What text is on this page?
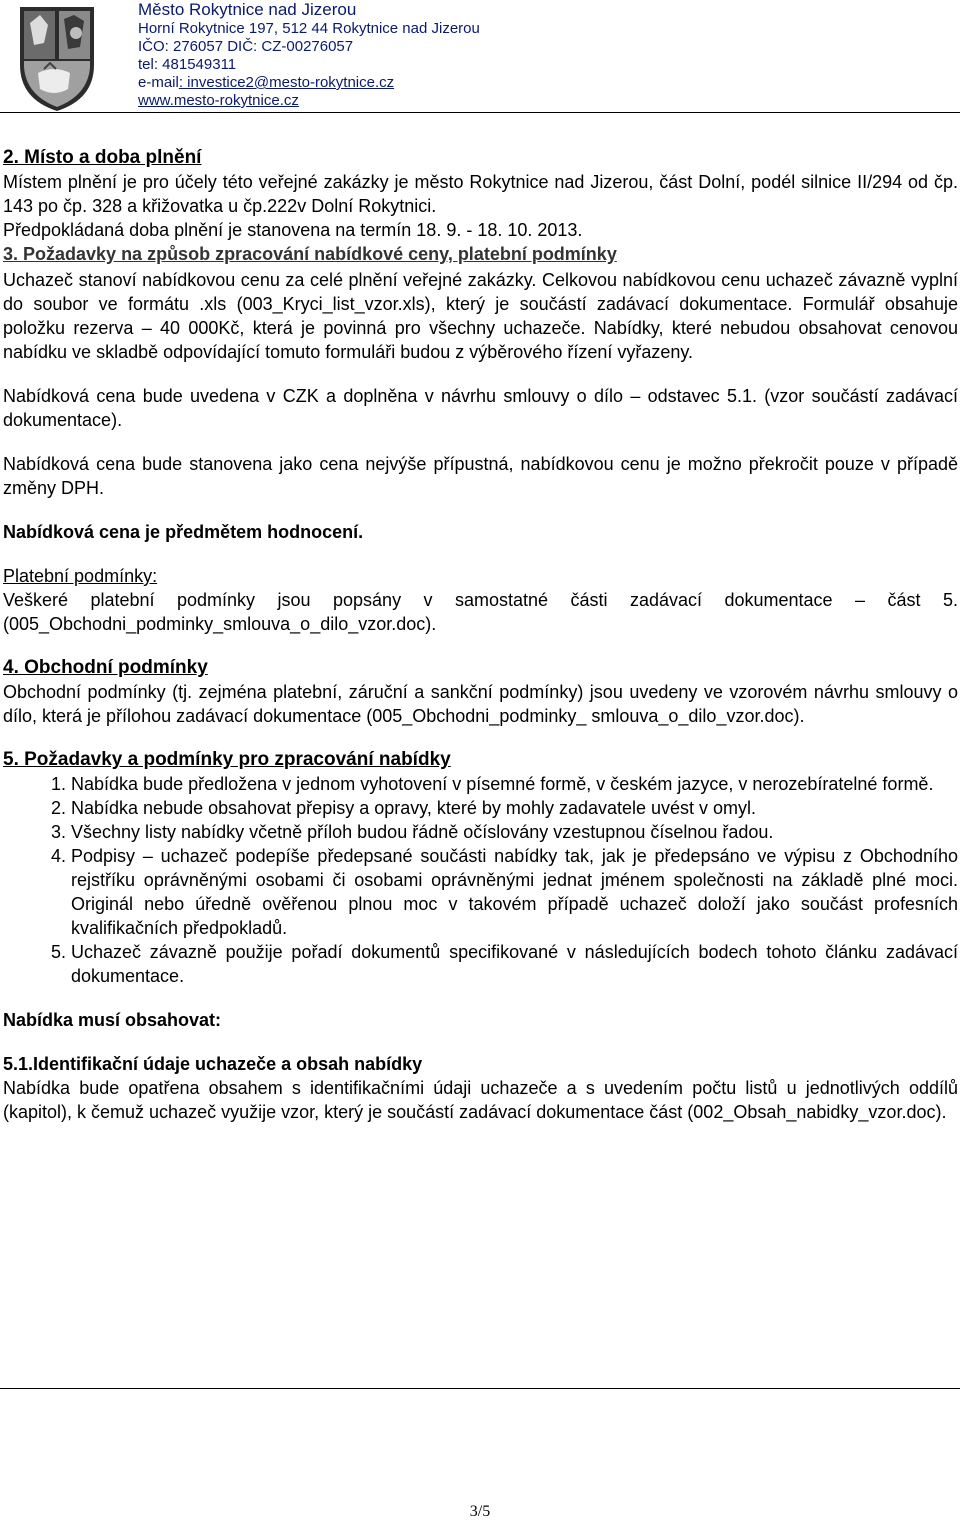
Město Rokytnice nad Jizerou
Horní Rokytnice 197, 512 44 Rokytnice nad Jizerou
IČO: 276057 DIČ: CZ-00276057
tel: 481549311
e-mail: investice2@mesto-rokytnice.cz
www.mesto-rokytnice.cz

2. Místo a doba plnění

Místem plnění je pro účely této veřejné zakázky je město Rokytnice nad Jizerou, část Dolní, podél silnice II/294 od čp. 143 po čp. 328 a křižovatka u čp.222v Dolní Rokytnici.

Předpokládaná doba plnění je stanovena na termín 18. 9. - 18. 10. 2013.

3. Požadavky na způsob zpracování nabídkové ceny, platební podmínky

Uchazeč stanoví nabídkovou cenu za celé plnění veřejné zakázky. Celkovou nabídkovou cenu uchazeč závazně vyplní do soubor ve formátu .xls (003_Kryci_list_vzor.xls), který je součástí zadávací dokumentace. Formulář obsahuje položku rezerva – 40 000Kč, která je povinná pro všechny uchazeče. Nabídky, které nebudou obsahovat cenovou nabídku ve skladbě odpovídající tomuto formuláři budou z výběrového řízení vyřazeny.

Nabídková cena bude uvedena v CZK a doplněna v návrhu smlouvy o dílo – odstavec 5.1. (vzor součástí zadávací dokumentace).

Nabídková cena bude stanovena jako cena nejvýše přípustná, nabídkovou cenu je možno překročit pouze v případě změny DPH.

Nabídková cena je předmětem hodnocení.

Platební podmínky:

Veškeré platební podmínky jsou popsány v samostatné části zadávací dokumentace – část 5. (005_Obchodni_podminky_smlouva_o_dilo_vzor.doc).

4. Obchodní podmínky

Obchodní podmínky (tj. zejména platební, záruční a sankční podmínky) jsou uvedeny ve vzorovém návrhu smlouvy o dílo, která je přílohou zadávací dokumentace (005_Obchodni_podminky_ smlouva_o_dilo_vzor.doc).

5. Požadavky a podmínky pro zpracování nabídky

1. Nabídka bude předložena v jednom vyhotovení v písemné formě, v českém jazyce, v nerozebíratelné formě.
2. Nabídka nebude obsahovat přepisy a opravy, které by mohly zadavatele uvést v omyl.
3. Všechny listy nabídky včetně příloh budou řádně očíslovány vzestupnou číselnou řadou.
4. Podpisy – uchazeč podepíše předepsané součásti nabídky tak, jak je předepsáno ve výpisu z Obchodního rejstříku oprávněnými osobami či osobami oprávněnými jednat jménem společnosti na základě plné moci. Originál nebo úředně ověřenou plnou moc v takovém případě uchazeč doloží jako součást profesních kvalifikačních předpokladů.
5. Uchazeč závazně použije pořadí dokumentů specifikované v následujících bodech tohoto článku zadávací dokumentace.

Nabídka musí obsahovat:

5.1.Identifikační údaje uchazeče a obsah nabídky

Nabídka bude opatřena obsahem s identifikačními údaji uchazeče a s uvedením počtu listů u jednotlivých oddílů (kapitol), k čemuž uchazeč využije vzor, který je součástí zadávací dokumentace část (002_Obsah_nabidky_vzor.doc).

3/5
